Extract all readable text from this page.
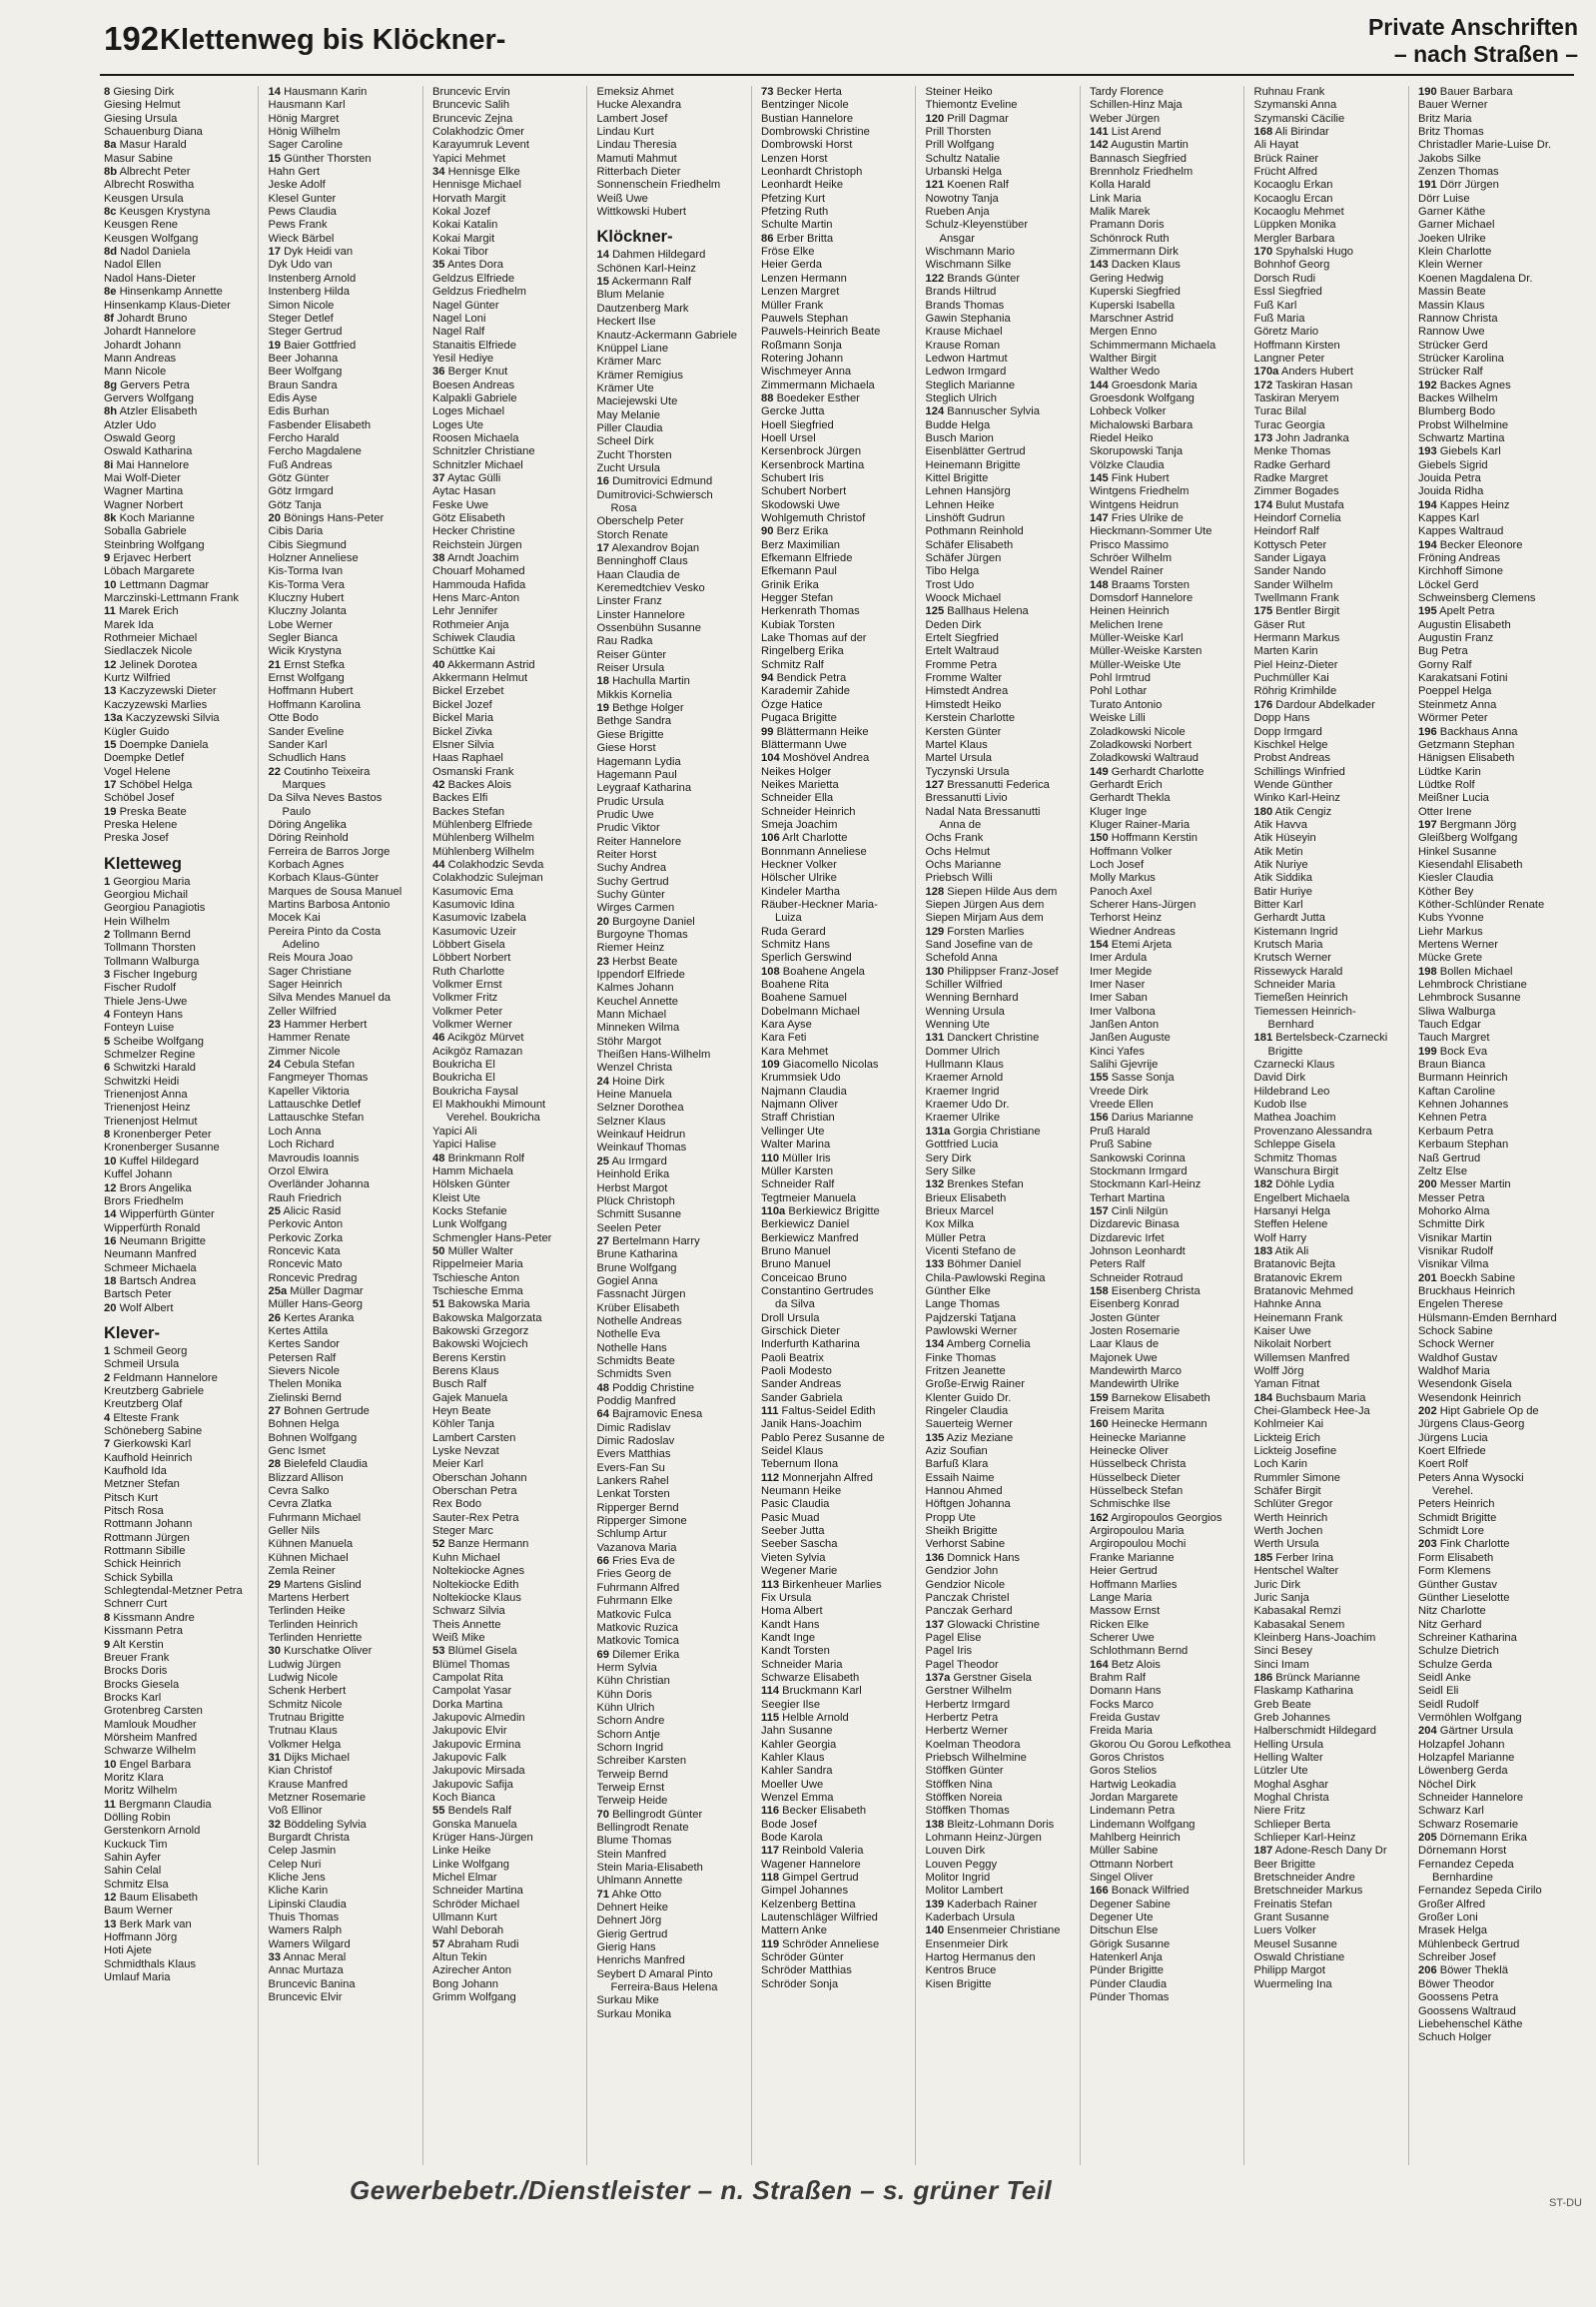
192 Klettenweg bis Klöckner-	Private Anschriften
– nach Straßen –
8 Giesing Dirk
Giesing Helmut
Giesing Ursula
Schauenburg Diana
8a Masur Harald
Masur Sabine
8b Albrecht Peter
Albrecht Roswitha
Keusgen Ursula
8c Keusgen Krystyna
Keusgen Rene
Keusgen Wolfgang
8d Nadol Daniela
Nadol Ellen
Nadol Hans-Dieter
8e Hinsenkamp Annette
Hinsenkamp Klaus-Dieter
8f Johardt Bruno
Johardt Hannelore
Johardt Johann
Mann Andreas
Mann Nicole
8g Gervers Petra
Gervers Wolfgang
8h Atzler Elisabeth
Atzler Udo
Oswald Georg
Oswald Katharina
8i Mai Hannelore
Mai Wolf-Dieter
Wagner Martina
Wagner Norbert
8k Koch Marianne
Soballa Gabriele
Steinbring Wolfgang
9 Erjavec Herbert
Löbach Margarete
10 Lettmann Dagmar
Marczinski-Lettmann Frank
11 Marek Erich
Marek Ida
Rothmeier Michael
Siedlaczek Nicole
12 Jelinek Dorotea
Kurtz Wilfried
13 Kaczyzewski Dieter
Kaczyzewski Marlies
13a Kaczyzewski Silvia
Kügler Guido
15 Doempke Daniela
Doempke Detlef
Vogel Helene
17 Schöbel Helga
Schöbel Josef
19 Preska Beate
Preska Helene
Preska Josef
Kletteweg
1 Georgiou Maria
Georgiou Michail
Georgiou Panagiotis
Hein Wilhelm
2 Tollmann Bernd
Tollmann Thorsten
Tollmann Walburga
3 Fischer Ingeburg
Fischer Rudolf
Thiele Jens-Uwe
4 Fonteyn Hans
Fonteyn Luise
5 Scheibe Wolfgang
Schmelzer Regine
6 Schwitzki Harald
Schwitzki Heidi
Trienenjost Anna
Trienenjost Heinz
Trienenjost Helmut
8 Kronenberger Peter
Kronenberger Susanne
10 Kuffel Hildegard
Kuffel Johann
12 Brors Angelika
Brors Friedhelm
14 Wipperfürth Günter
Wipperfürth Ronald
16 Neumann Brigitte
Neumann Manfred
Schmeer Michaela
18 Bartsch Andrea
Bartsch Peter
20 Wolf Albert
Klever-
1 Schmeil Georg
Schmeil Ursula
2 Feldmann Hannelore
Kreutzberg Gabriele
Kreutzberg Olaf
4 Elteste Frank
Schöneberg Sabine
7 Gierkowski Karl
Kaufhold Heinrich
Kaufhold Ida
Metzner Stefan
Pitsch Kurt
Pitsch Rosa
Rottmann Johann
Rottmann Jürgen
Rottmann Sibille
Schick Heinrich
Schick Sybilla
Schlegtendal-Metzner Petra
Schnerr Curt
8 Kissmann Andre
Kissmann Petra
9 Alt Kerstin
Breuer Frank
Brocks Doris
Brocks Giesela
Brocks Karl
Grotenbreg Carsten
Mamlouk Moudher
Mörsheim Manfred
Schwarze Wilhelm
10 Engel Barbara
Moritz Klara
Moritz Wilhelm
11 Bergmann Claudia
Dölling Robin
Gerstenkorn Arnold
Kuckuck Tim
Sahin Ayfer
Sahin Celal
Schmitz Elsa
12 Baum Elisabeth
Baum Werner
13 Berk Mark van
Hoffmann Jörg
Hoti Ajete
Schmidthals Klaus
Umlauf Maria
14 Hausmann Karin
Hausmann Karl
Hönig Margret
Hönig Wilhelm
Sager Caroline
15 Günther Thorsten
Hahn Gert
Jeske Adolf
Klesel Gunter
Pews Claudia
Pews Frank
Wieck Bärbel
17 Dyk Heidi van
Dyk Udo van
Instenberg Arnold
Instenberg Hilda
Simon Nicole
Steger Detlef
Steger Gertrud
19 Baier Gottfried
Beer Johanna
Beer Wolfgang
Braun Sandra
Edis Ayse
Edis Burhan
Fasbender Elisabeth
Fercho Harald
Fercho Magdalene
Fuß Andreas
Götz Günter
Götz Irmgard
Götz Tanja
20 Bönings Hans-Peter
Cibis Daria
Cibis Siegmund
Holzner Anneliese
Kis-Torma Ivan
Kis-Torma Vera
Kluczny Hubert
Kluczny Jolanta
Lobe Werner
Segler Bianca
Wicik Krystyna
21 Ernst Stefka
Ernst Wolfgang
Hoffmann Hubert
Hoffmann Karolina
Otte Bodo
Sander Eveline
Sander Karl
Schudlich Hans
22 Coutinho Teixeira
Marques
Da Silva Neves Bastos
Paulo
Döring Angelika
Döring Reinhold
Ferreira de Barros Jorge
Korbach Agnes
Korbach Klaus-Günter
Marques de Sousa Manuel
Martins Barbosa Antonio
Mocek Kai
Pereira Pinto da Costa
Adelino
Reis Moura Joao
Sager Christiane
Sager Heinrich
Silva Mendes Manuel da
Zeller Wilfried
23 Hammer Herbert
Hammer Renate
Zimmer Nicole
24 Cebula Stefan
Fangmeyer Thomas
Kapeller Viktoria
Lattauschke Detlef
Lattauschke Stefan
Loch Anna
Loch Richard
Mavroudis Ioannis
Orzol Elwira
Overländer Johanna
Rauh Friedrich
25 Alicic Rasid
Perkovic Anton
Perkovic Zorka
Roncevic Kata
Roncevic Mato
Roncevic Predrag
25a Müller Dagmar
Müller Hans-Georg
26 Kertes Aranka
Kertes Attila
Kertes Sandor
Petersen Ralf
Sievers Nicole
Thelen Monika
Zielinski Bernd
27 Bohnen Gertrude
Bohnen Helga
Bohnen Wolfgang
Genc Ismet
28 Bielefeld Claudia
Blizzard Allison
Cevra Salko
Cevra Zlatka
Fuhrmann Michael
Geller Nils
Kühnen Manuela
Kühnen Michael
Zemla Reiner
29 Martens Gislind
Martens Herbert
Terlinden Heike
Terlinden Heinrich
Terlinden Henriette
30 Kurschatke Oliver
Ludwig Jürgen
Ludwig Nicole
Schenk Herbert
Schmitz Nicole
Trutnau Brigitte
Trutnau Klaus
Volkmer Helga
31 Dijks Michael
Kian Christof
Krause Manfred
Metzner Rosemarie
Voß Ellinor
32 Böddeling Sylvia
Burgardt Christa
Celep Jasmin
Celep Nuri
Kliche Jens
Kliche Karin
Lipinski Claudia
Thuis Thomas
Wamers Ralph
Wamers Wilgard
33 Annac Meral
Annac Murtaza
Bruncevic Banina
Bruncevic Elvir
Bruncevic Ervin
Bruncevic Salih
Bruncevic Zejna
Colakhodzic Ömer
Karayumruk Levent
Yapici Mehmet
34 Hennisge Elke
Hennisge Michael
Horvath Margit
Kokal Jozef
Kokai Katalin
Kokai Margit
Kokai Tibor
35 Antes Dora
Geldzus Elfriede
Geldzus Friedhelm
Nagel Günter
Nagel Loni
Nagel Ralf
Stanaitis Elfriede
Yesil Hediye
36 Berger Knut
Boesen Andreas
Kalpakli Gabriele
Loges Michael
Loges Ute
Roosen Michaela
Schnitzler Christiane
Schnitzler Michael
37 Aytac Gülli
Aytac Hasan
Feske Uwe
Götz Elisabeth
Hecker Christine
Reichstein Jürgen
38 Arndt Joachim
Chouarf Mohamed
Hammouda Hafida
Hens Marc-Anton
Lehr Jennifer
Rothmeier Anja
Schiwek Claudia
Schüttke Kai
40 Akkermann Astrid
Akkermann Helmut
Bickel Erzebet
Bickel Jozef
Bickel Maria
Bickel Zivka
Elsner Silvia
Haas Raphael
Osmanski Frank
42 Backes Alois
Backes Elfi
Backes Stefan
Mühlenberg Elfriede
Mühlenberg Wilhelm
Mühlenberg Wilhelm
44 Colakhodzic Sevda
Colakhodzic Sulejman
Kasumovic Ema
Kasumovic Idina
Kasumovic Izabela
Kasumovic Uzeir
Löbbert Gisela
Löbbert Norbert
Ruth Charlotte
Volkmer Ernst
Volkmer Fritz
Volkmer Peter
Volkmer Werner
46 Acikgöz Mürvet
Acikgöz Ramazan
Boukricha El
Boukricha El
Boukricha Faysal
El Makhoukhi Mimount
Verehel. Boukricha
Yapici Ali
Yapici Halise
48 Brinkmann Rolf
Hamm Michaela
Hölsken Günter
Kleist Ute
Kocks Stefanie
Lunk Wolfgang
Schmengler Hans-Peter
50 Müller Walter
Rippelmeier Maria
Tschiesche Anton
Tschiesche Emma
51 Bakowska Maria
Bakowska Malgorzata
Bakowski Grzegorz
Bakowski Wojciech
Berens Kerstin
Berens Klaus
Busch Ralf
Gajek Manuela
Heyn Beate
Köhler Tanja
Lambert Carsten
Lyske Nevzat
Meier Karl
Oberschan Johann
Oberschan Petra
Rex Bodo
Sauter-Rex Petra
Steger Marc
52 Banze Hermann
Kuhn Michael
Noltekiocke Agnes
Noltekiocke Edith
Noltekiocke Klaus
Schwarz Silvia
Theis Annette
Weiß Mike
53 Blümel Gisela
Blümel Thomas
Campolat Rita
Campolat Yasar
Dorka Martina
Jakupovic Almedin
Jakupovic Elvir
Jakupovic Ermina
Jakupovic Falk
Jakupovic Mirsada
Jakupovic Safija
Koch Bianca
55 Bendels Ralf
Gonska Manuela
Krüger Hans-Jürgen
Linke Heike
Linke Wolfgang
Michel Elmar
Schneider Martina
Schröder Michael
Ullmann Kurt
Wahl Deborah
57 Abraham Rudi
Altun Tekin
Azirecher Anton
Bong Johann
Grimm Wolfgang
Emeksiz Ahmet
Hucke Alexandra
Lambert Josef
Lindau Kurt
Lindau Theresia
Mamuti Mahmut
Ritterbach Dieter
Sonnenschein Friedhelm
Weiß Uwe
Wittkowski Hubert
Klöckner-
14 Dahmen Hildegard
Schönen Karl-Heinz
15 Ackermann Ralf
Blum Melanie
Dautzenberg Mark
Heckert Ilse
Knautz-Ackermann Gabriele
Knüppel Liane
Krämer Marc
Krämer Remigius
Krämer Ute
Maciejewski Ute
May Melanie
Piller Claudia
Scheel Dirk
Zucht Thorsten
Zucht Ursula
16 Dumitrovici Edmund
Dumitrovici-Schwiersch
Rosa
Oberschelp Peter
Storch Renate
17 Alexandrov Bojan
Benninghoff Claus
Haan Claudia de
Keremedtchiev Vesko
Linster Franz
Linster Hannelore
Ossenbühn Susanne
Rau Radka
Reiser Günter
Reiser Ursula
18 Hachulla Martin
Mikkis Kornelia
19 Bethge Holger
Bethge Sandra
Giese Brigitte
Giese Horst
Hagemann Lydia
Hagemann Paul
Leygraaf Katharina
Prudic Ursula
Prudic Uwe
Prudic Viktor
Reiter Hannelore
Reiter Horst
Suchy Andrea
Suchy Gertrud
Suchy Günter
Wirges Carmen
20 Burgoyne Daniel
Burgoyne Thomas
Riemer Heinz
23 Herbst Beate
Ippendorf Elfriede
Kalmes Johann
Keuchel Annette
Mann Michael
Minneken Wilma
Stöhr Margot
Theißen Hans-Wilhelm
Wenzel Christa
24 Hoine Dirk
Heine Manuela
Selzner Dorothea
Selzner Klaus
Weinkauf Heidrun
Weinkauf Thomas
25 Au Irmgard
Heinhold Erika
Herbst Margot
Plück Christoph
Schmitt Susanne
Seelen Peter
27 Bertelmann Harry
Brune Katharina
Brune Wolfgang
Gogiel Anna
Fassnacht Jürgen
Krüber Elisabeth
Nothelle Andreas
Nothelle Eva
Nothelle Hans
Schmidts Beate
Schmidts Sven
48 Poddig Christine
Poddig Manfred
64 Bajramovic Enesa
Dimic Radislav
Dimic Radoslav
Evers Matthias
Evers-Fan Su
Lankers Rahel
Lenkat Torsten
Ripperger Bernd
Ripperger Simone
Schlump Artur
Vazanova Maria
66 Fries Eva de
Fries Georg de
Fuhrmann Alfred
Fuhrmann Elke
Matkovic Fulca
Matkovic Ruzica
Matkovic Tomica
69 Dilemer Erika
Herm Sylvia
Kühn Christian
Kühn Doris
Kühn Ulrich
Schorn Andre
Schorn Antje
Schorn Ingrid
Schreiber Karsten
Terweip Bernd
Terweip Ernst
Terweip Heide
70 Bellingrodt Günter
Bellingrodt Renate
Blume Thomas
Stein Manfred
Stein Maria-Elisabeth
Uhlmann Annette
71 Ahke Otto
Dehnert Heike
Dehnert Jörg
Gierig Gertrud
Gierig Hans
Henrichs Manfred
Seybert D Amaral Pinto
Ferreira-Baus Helena
Surkau Mike
Surkau Monika
73 Becker Herta
Bentzinger Nicole
Bustian Hannelore
Dombrowski Christine
Dombrowski Horst
Lenzen Horst
Leonhardt Christoph
Leonhardt Heike
Pfetzing Kurt
Pfetzing Ruth
Schulte Martin
86 Erber Britta
Fröse Elke
Heier Gerda
Lenzen Hermann
Lenzen Margret
Müller Frank
Pauwels Stephan
Pauwels-Heinrich Beate
Roßmann Sonja
Rotering Johann
Wischmeyer Anna
Zimmermann Michaela
88 Boedeker Esther
Gercke Jutta
Hoell Siegfried
Hoell Ursel
Kersenbrock Jürgen
Kersenbrock Martina
Schubert Iris
Schubert Norbert
Skodowski Uwe
Wohlgemuth Christof
90 Berz Erika
Berz Maximilian
Efkemann Elfriede
Efkemann Paul
Grinik Erika
Hegger Stefan
Herkenrath Thomas
Kubiak Torsten
Lake Thomas auf der
Ringelberg Erika
Schmitz Ralf
94 Bendick Petra
Karademir Zahide
Özge Hatice
Pugaca Brigitte
99 Blättermann Heike
Blättermann Uwe
104 Moshövel Andrea
Neikes Holger
Neikes Marietta
Schneider Ella
Schneider Heinrich
Smeja Joachim
106 Arlt Charlotte
Bonnmann Anneliese
Heckner Volker
Hölscher Ulrike
Kindeler Martha
Räuber-Heckner Maria-
Luiza
Ruda Gerard
Schmitz Hans
Sperlich Gerswind
108 Boahene Angela
Boahene Rita
Boahene Samuel
Dobelmann Michael
Kara Ayse
Kara Feti
Kara Mehmet
109 Giacomello Nicolas
Krummsiek Udo
Najmann Claudia
Najmann Oliver
Straff Christian
Vellinger Ute
Walter Marina
110 Müller Iris
Müller Karsten
Schneider Ralf
Tegtmeier Manuela
110a Berkiewicz Brigitte
Berkiewicz Daniel
Berkiewicz Manfred
Bruno Manuel
Bruno Manuel
Conceicao Bruno
Constantino Gertrudes
da Silva
Droll Ursula
Girschick Dieter
Inderfurth Katharina
Paoli Beatrix
Paoli Modesto
Sander Andreas
Sander Gabriela
111 Faltus-Seidel Edith
Janik Hans-Joachim
Pablo Perez Susanne de
Seidel Klaus
Tebernum Ilona
112 Monnerjahn Alfred
Neumann Heike
Pasic Claudia
Pasic Muad
Seeber Jutta
Seeber Sascha
Vieten Sylvia
Wegener Marie
113 Birkenheuer Marlies
Fix Ursula
Homa Albert
Kandt Hans
Kandt Inge
Kandt Torsten
Schneider Maria
Schwarze Elisabeth
114 Bruckmann Karl
Seegier Ilse
115 Helble Arnold
Jahn Susanne
Kahler Georgia
Kahler Klaus
Kahler Sandra
Moeller Uwe
Wenzel Emma
116 Becker Elisabeth
Bode Josef
Bode Karola
117 Reinbold Valeria
Wagener Hannelore
118 Gimpel Gertrud
Gimpel Johannes
Kelzenberg Bettina
Lautenschläger Wilfried
Mattern Anke
119 Schröder Anneliese
Schröder Günter
Schröder Matthias
Schröder Sonja
Steiner Heiko
Thiemontz Eveline
120 Prill Dagmar
Prill Thorsten
Prill Wolfgang
Schultz Natalie
Urbanski Helga
121 Koenen Ralf
Nowotny Tanja
Rueben Anja
Schulz-Kleyenstüber
Ansgar
Wischmann Mario
Wischmann Silke
122 Brands Günter
Brands Hiltrud
Brands Thomas
Gawin Stephania
Krause Michael
Krause Roman
Ledwon Hartmut
Ledwon Irmgard
Steglich Marianne
Steglich Ulrich
124 Bannuscher Sylvia
Budde Helga
Busch Marion
Eisenblätter Gertrud
Heinemann Brigitte
Kittel Brigitte
Lehnen Hansjörg
Lehnen Heike
Linshöft Gudrun
Pothmann Reinhold
Schäfer Elisabeth
Schäfer Jürgen
Tibo Helga
Trost Udo
Woock Michael
125 Ballhaus Helena
Deden Dirk
Ertelt Siegfried
Ertelt Waltraud
Fromme Petra
Fromme Walter
Himstedt Andrea
Himstedt Heiko
Kerstein Charlotte
Kersten Günter
Martel Klaus
Martel Ursula
Tyczynski Ursula
127 Bressanutti Federica
Bressanutti Livio
Nadal Nata Bressanutti
Anna de
Ochs Frank
Ochs Helmut
Ochs Marianne
Priebsch Willi
128 Siepen Hilde Aus dem
Siepen Jürgen Aus dem
Siepen Mirjam Aus dem
129 Forsten Marlies
Sand Josefine van de
Schefold Anna
130 Philippser Franz-Josef
Schiller Wilfried
Wenning Bernhard
Wenning Ursula
Wenning Ute
131 Danckert Christine
Dommer Ulrich
Hullmann Klaus
Kraemer Arnold
Kraemer Ingrid
Kraemer Udo Dr.
Kraemer Ulrike
131a Gorgia Christiane
Gottfried Lucia
Sery Dirk
Sery Silke
132 Brenkes Stefan
Brieux Elisabeth
Brieux Marcel
Kox Milka
Müller Petra
Vicenti Stefano de
133 Böhmer Daniel
Chila-Pawlowski Regina
Günther Elke
Lange Thomas
Pajdzerski Tatjana
Pawlowski Werner
134 Amberg Cornelia
Finke Thomas
Fritzen Jeanette
Große-Erwig Rainer
Klenter Guido Dr.
Ringeler Claudia
Sauerteig Werner
135 Aziz Meziane
Aziz Soufian
Barfuß Klara
Essaih Naime
Hannou Ahmed
Höftgen Johanna
Propp Ute
Sheikh Brigitte
Verhorst Sabine
136 Domnick Hans
Gendzior John
Gendzior Nicole
Panczak Christel
Panczak Gerhard
137 Glowacki Christine
Pagel Elise
Pagel Iris
Pagel Theodor
137a Gerstner Gisela
Gerstner Wilhelm
Herbertz Irmgard
Herbertz Petra
Herbertz Werner
Koelman Theodora
Priebsch Wilhelmine
Stöffken Günter
Stöffken Nina
Stöffken Noreia
Stöffken Thomas
138 Bleitz-Lohmann Doris
Lohmann Heinz-Jürgen
Louven Dirk
Louven Peggy
Molitor Ingrid
Molitor Lambert
139 Kaderbach Rainer
Kaderbach Ursula
140 Ensenmeier Christiane
Ensenmeier Dirk
Hartog Hermanus den
Kentros Bruce
Kisen Brigitte
Tardy Florence
Schillen-Hinz Maja
Weber Jürgen
141 List Arend
142 Augustin Martin
Bannasch Siegfried
Brennholz Friedhelm
Kolla Harald
Link Maria
Malik Marek
Pramann Doris
Schönrock Ruth
Zimmermann Dirk
143 Dacken Klaus
Gering Hedwig
Kuperski Siegfried
Kuperski Isabella
Marschner Astrid
Mergen Enno
Schimmermann Michaela
Walther Birgit
Walther Wedo
144 Groesdonk Maria
Groesdonk Wolfgang
Lohbeck Volker
Michalowski Barbara
Riedel Heiko
Skorupowski Tanja
Völzke Claudia
145 Fink Hubert
Wintgens Friedhelm
Wintgens Heidrun
147 Fries Ulrike de
Hieckmann-Sommer Ute
Prisco Massimo
Schröer Wilhelm
Wendel Rainer
148 Braams Torsten
Domsdorf Hannelore
Heinen Heinrich
Melichen Irene
Müller-Weiske Karl
Müller-Weiske Karsten
Müller-Weiske Ute
Pohl Irmtrud
Pohl Lothar
Turato Antonio
Weiske Lilli
Zoladkowski Nicole
Zoladkowski Norbert
Zoladkowski Waltraud
149 Gerhardt Charlotte
Gerhardt Erich
Gerhardt Thekla
Kluger Inge
Kluger Rainer-Maria
150 Hoffmann Kerstin
Hoffmann Volker
Loch Josef
Molly Markus
Panoch Axel
Scherer Hans-Jürgen
Terhorst Heinz
Wiedner Andreas
154 Etemi Arjeta
Imer Ardula
Imer Megide
Imer Naser
Imer Saban
Imer Valbona
Janßen Anton
Janßen Auguste
Kinci Yafes
Salihi Gjevrije
155 Sasse Sonja
Vreede Dirk
Vreede Ellen
156 Darius Marianne
Pruß Harald
Pruß Sabine
Sankowski Corinna
Stockmann Irmgard
Stockmann Karl-Heinz
Terhart Martina
157 Cinli Nilgün
Dizdarevic Binasa
Dizdarevic Irfet
Johnson Leonhardt
Peters Ralf
Schneider Rotraud
158 Eisenberg Christa
Eisenberg Konrad
Josten Günter
Josten Rosemarie
Laar Klaus de
Majonek Uwe
Mandewirth Marco
Mandewirth Ulrike
159 Barnekow Elisabeth
Freisem Marita
160 Heinecke Hermann
Heinecke Marianne
Heinecke Oliver
Hüsselbeck Christa
Hüsselbeck Dieter
Hüsselbeck Stefan
Schmischke Ilse
162 Argiropoulos Georgios
Argiropoulou Maria
Argiropoulou Mochi
Franke Marianne
Heier Gertrud
Hoffmann Marlies
Lange Maria
Massow Ernst
Ricken Elke
Scherer Uwe
Schlothmann Bernd
164 Betz Alois
Brahm Ralf
Domann Hans
Focks Marco
Freida Gustav
Freida Maria
Gkorou Ou Gorou Lefkothea
Goros Christos
Goros Stelios
Hartwig Leokadia
Jordan Margarete
Lindemann Petra
Lindemann Wolfgang
Mahlberg Heinrich
Müller Sabine
Ottmann Norbert
Singel Oliver
166 Bonack Wilfried
Degener Sabine
Degener Ute
Ditschun Else
Görigk Susanne
Hatenkerl Anja
Pünder Brigitte
Pünder Claudia
Pünder Thomas
Ruhnau Frank
Szymanski Anna
Szymanski Cäcilie
168 Ali Birindar
Ali Hayat
Brück Rainer
Frücht Alfred
Kocaoglu Erkan
Kocaoglu Ercan
Kocaoglu Mehmet
Lüppken Monika
Mergler Barbara
170 Spyhalski Hugo
Bohnhof Georg
Dorsch Rudi
Essl Siegfried
Fuß Karl
Fuß Maria
Göretz Mario
Hoffmann Kirsten
Langner Peter
170a Anders Hubert
172 Taskiran Hasan
Taskiran Meryem
Turac Bilal
Turac Georgia
173 John Jadranka
Menke Thomas
Radke Gerhard
Radke Margret
Zimmer Bogades
174 Bulut Mustafa
Heindorf Cornelia
Heindorf Ralf
Kottysch Peter
Sander Ligaya
Sander Nando
Sander Wilhelm
Twellmann Frank
175 Bentler Birgit
Gäser Rut
Hermann Markus
Marten Karin
Piel Heinz-Dieter
Puchmüller Kai
Röhrig Krimhilde
176 Dardour Abdelkader
Dopp Hans
Dopp Irmgard
Kischkel Helge
Probst Andreas
Schillings Winfried
Wende Günther
Winko Karl-Heinz
180 Atik Cengiz
Atik Havva
Atik Hüseyin
Atik Metin
Atik Nuriye
Atik Siddika
Batir Huriye
Bitter Karl
Gerhardt Jutta
Kistemann Ingrid
Krutsch Maria
Krutsch Werner
Rissewyck Harald
Schneider Maria
Tiemeßen Heinrich
Tiemessen Heinrich-
Bernhard
181 Bertelsbeck-Czarnecki
Brigitte
Czarnecki Klaus
David Dirk
Hildebrand Leo
Kudob Ilse
Mathea Joachim
Provenzano Alessandra
Schleppe Gisela
Schmitz Thomas
Wanschura Birgit
182 Döhle Lydia
Engelbert Michaela
Harsanyi Helga
Steffen Helene
Wolf Harry
183 Atik Ali
Bratanovic Bejta
Bratanovic Ekrem
Bratanovic Mehmed
Hahnke Anna
Heinemann Frank
Kaiser Uwe
Nikolait Norbert
Willemsen Manfred
Wolff Jörg
Yaman Fitnat
184 Buchsbaum Maria
Chei-Glambeck Hee-Ja
Kohlmeier Kai
Lickteig Erich
Lickteig Josefine
Loch Karin
Rummler Simone
Schäfer Birgit
Schlüter Gregor
Werth Heinrich
Werth Jochen
Werth Ursula
185 Ferber Irina
Hentschel Walter
Juric Dirk
Juric Sanja
Kabasakal Remzi
Kabasakal Senem
Kleinberg Hans-Joachim
Sinci Besey
Sinci Imam
186 Brünck Marianne
Flaskamp Katharina
Greb Beate
Greb Johannes
Halberschmidt Hildegard
Helling Ursula
Helling Walter
Lützler Ute
Moghal Asghar
Moghal Christa
Niere Fritz
Schlieper Berta
Schlieper Karl-Heinz
187 Adone-Resch Dany Dr
Beer Brigitte
Bretschneider Andre
Bretschneider Markus
Freinatis Stefan
Grant Susanne
Luers Volker
Meusel Susanne
Oswald Christiane
Philipp Margot
Wuermeling Ina
190 Bauer Barbara
Bauer Werner
Britz Maria
Britz Thomas
Christadler Marie-Luise Dr.
Jakobs Silke
Zenzen Thomas
191 Dörr Jürgen
Dörr Luise
Garner Käthe
Garner Michael
Joeken Ulrike
Klein Charlotte
Klein Werner
Koenen Magdalena Dr.
Massin Beate
Massin Klaus
Rannow Christa
Rannow Uwe
Strücker Gerd
Strücker Karolina
Strücker Ralf
192 Backes Agnes
Backes Wilhelm
Blumberg Bodo
Probst Wilhelmine
Schwartz Martina
193 Giebels Karl
Giebels Sigrid
Jouida Petra
Jouida Ridha
194 Kappes Heinz
Kappes Karl
Kappes Waltraud
194 Becker Eleonore
Fröning Andreas
Kirchhoff Simone
Löckel Gerd
Schweinsberg Clemens
195 Apelt Petra
Augustin Elisabeth
Augustin Franz
Bug Petra
Gorny Ralf
Karakatsani Fotini
Poeppel Helga
Steinmetz Anna
Wörmer Peter
196 Backhaus Anna
Getzmann Stephan
Hänigsen Elisabeth
Lüdtke Karin
Lüdtke Rolf
Meißner Lucia
Otter Irene
197 Bergmann Jörg
Gleißberg Wolfgang
Hinkel Susanne
Kiesendahl Elisabeth
Kiesler Claudia
Köther Bey
Köther-Schlünder Renate
Kubs Yvonne
Liehr Markus
Mertens Werner
Mücke Grete
198 Bollen Michael
Lehmbrock Christiane
Lehmbrock Susanne
Sliwa Walburga
Tauch Edgar
Tauch Margret
199 Bock Eva
Braun Bianca
Burmann Heinrich
Kaftan Caroline
Kehnen Johannes
Kehnen Petra
Kerbaum Petra
Kerbaum Stephan
Naß Gertrud
Zeltz Else
200 Messer Martin
Messer Petra
Mohorko Alma
Schmitte Dirk
Visnikar Martin
Visnikar Rudolf
Visnikar Vilma
201 Boeckh Sabine
Bruckhaus Heinrich
Engelen Therese
Hülsmann-Emden Bernhard
Schock Sabine
Schock Werner
Waldhof Gustav
Waldhof Maria
Wesendonk Gisela
Wesendonk Heinrich
202 Hipt Gabriele Op de
Jürgens Claus-Georg
Jürgens Lucia
Koert Elfriede
Koert Rolf
Peters Anna Wysocki
Verehel.
Peters Heinrich
Schmidt Brigitte
Schmidt Lore
203 Fink Charlotte
Form Elisabeth
Form Klemens
Günther Gustav
Günther Lieselotte
Nitz Charlotte
Nitz Gerhard
Schreiner Katharina
Schulze Dietrich
Schulze Gerda
Seidl Anke
Seidl Eli
Seidl Rudolf
Vermöhlen Wolfgang
204 Gärtner Ursula
Holzapfel Johann
Holzapfel Marianne
Löwenberg Gerda
Nöchel Dirk
Schneider Hannelore
Schwarz Karl
Schwarz Rosemarie
205 Dörnemann Erika
Dörnemann Horst
Fernandez Cepeda
Bernhardine
Fernandez Sepeda Cirilo
Großer Alfred
Großer Loni
Mrasek Helga
Mühlenbeck Gertrud
Schreiber Josef
206 Böwer Theklä
Böwer Theodor
Goossens Petra
Goossens Waltraud
Liebehenschel Käthe
Schuch Holger
Gewerbebetr./Dienstleister – n. Straßen – s. grüner Teil	ST-DU
